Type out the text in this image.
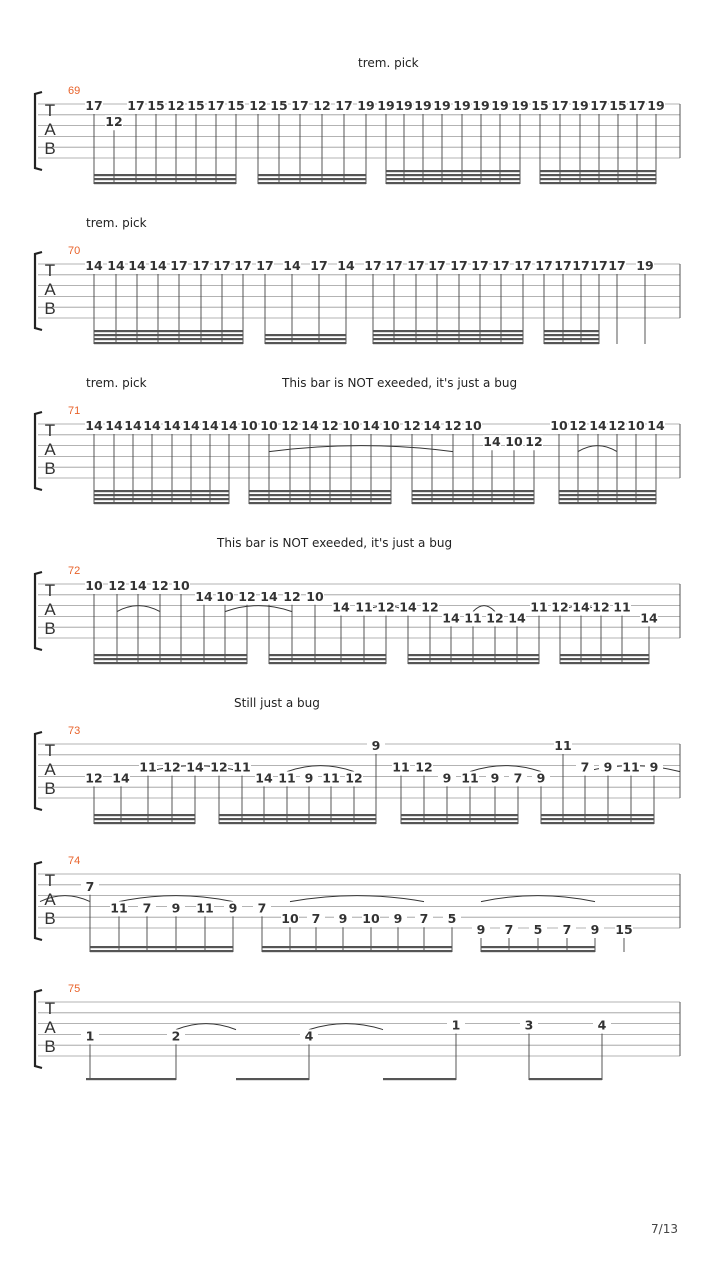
trem. pick
trem. pick
trem. pick	This bar is NOT exeeded, it's just a bug
This bar is NOT exeeded, it's just a bug
Still just a bug
7/13
T
A
B
69
17
12
17 15 12 15 17 15 12 15 17 12 17 19 19 19 19 19 19 19 19 19 15 17 19 17 15 17 19
T
A
B
70
14 14 14 14 17 17 17 17 17 14 17 14 17 17 17 17 17 17 17 17 17 17 17 17 17 19
T
A
B
71
14 14 14 14 14 14 14 14 10 10 12 14 12 10 14 10 12 14 12 10
14 10 12
10 12 14 12 10 14
T
A
B
72
10 12 14 12 10
14 10 12 14 12 10
14 11 12 14 12
14 11 12 14
11 12 14 12 11
14
T
A
B
73
12 14
11 12 14 12 11
14 11 9 11 12
9
11 12
9 11 9 7 9
11
7 9 11 9
T
A
B
74
7
11 7 9 11 9 7
10 7 9 10 9 7 5
9 7 5 7 9 15
T
A
B
75
1	2	4
1	3	4
